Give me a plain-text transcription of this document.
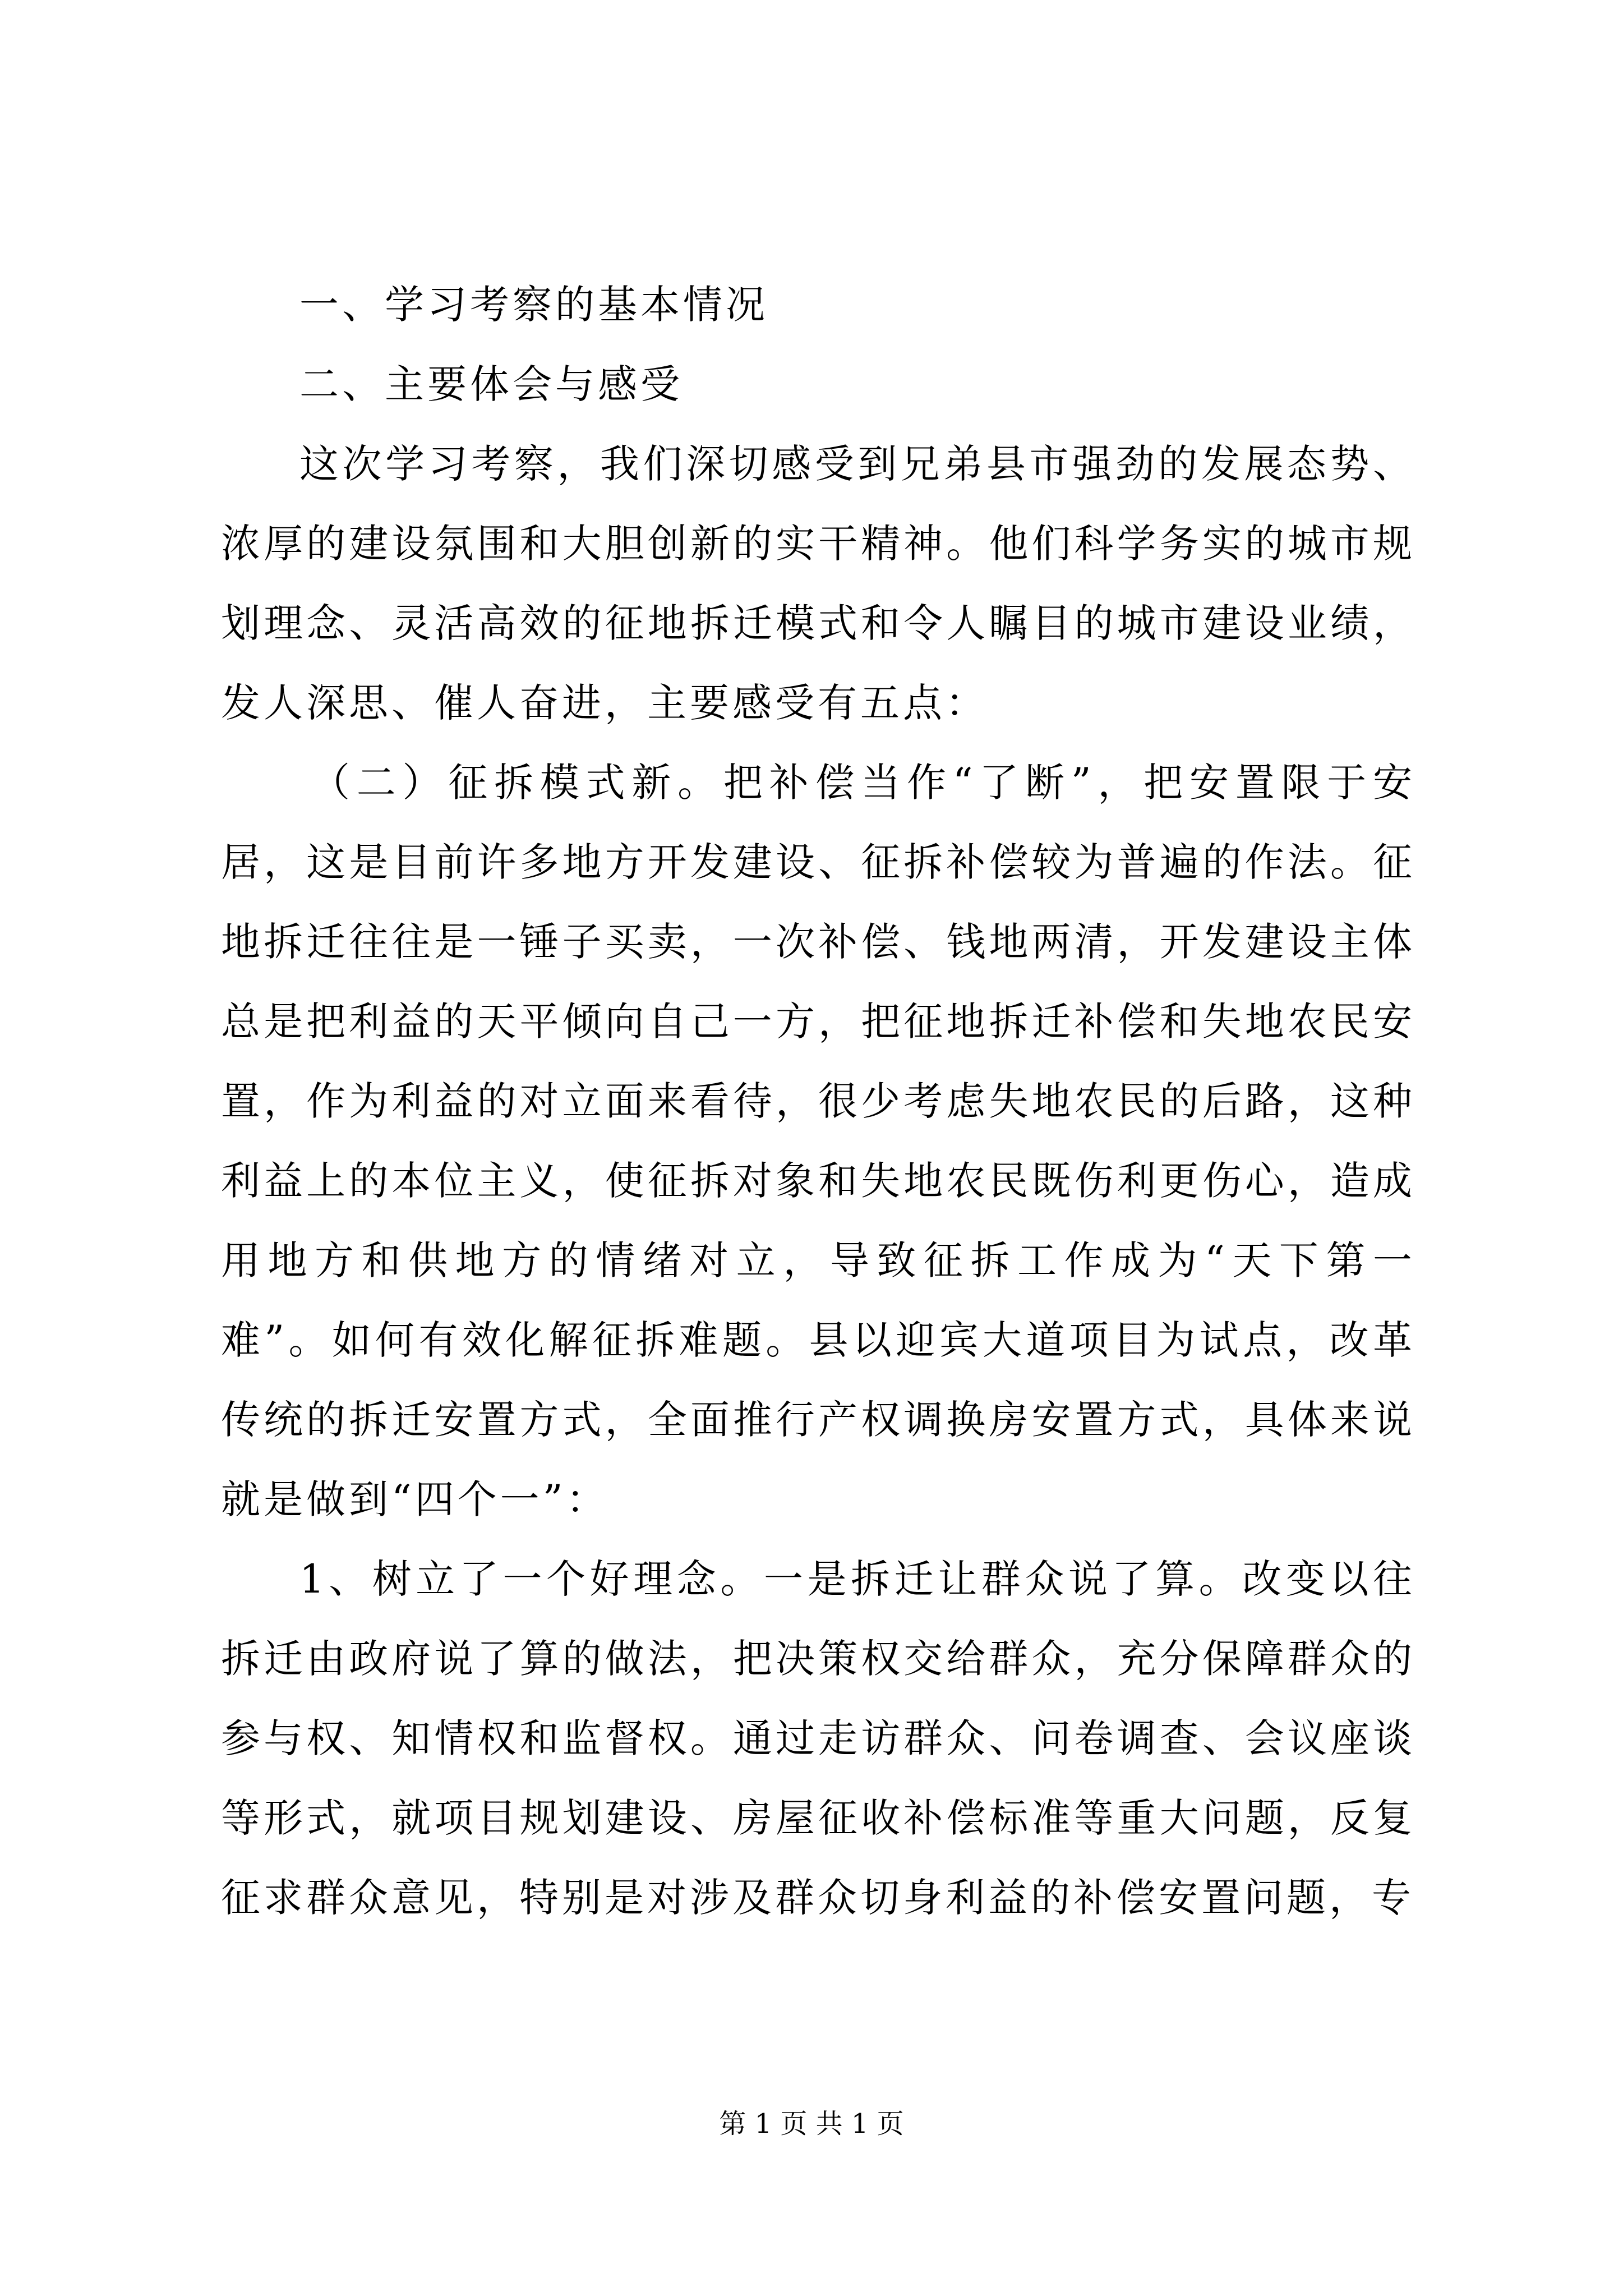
一、学习考察的基本情况

二、主要体会与感受

这次学习考察，我们深切感受到兄弟县市强劲的发展态势、浓厚的建设氛围和大胆创新的实干精神。他们科学务实的城市规划理念、灵活高效的征地拆迁模式和令人瞩目的城市建设业绩，发人深思、催人奋进，主要感受有五点：

（二）征拆模式新。把补偿当作“了断”，把安置限于安居，这是目前许多地方开发建设、征拆补偿较为普遍的作法。征地拆迁往往是一锤子买卖，一次补偿、钱地两清，开发建设主体总是把利益的天平倾向自己一方，把征地拆迁补偿和失地农民安置，作为利益的对立面来看待，很少考虑失地农民的后路，这种利益上的本位主义，使征拆对象和失地农民既伤利更伤心，造成用地方和供地方的情绪对立，导致征拆工作成为“天下第一难”。如何有效化解征拆难题。县以迎宾大道项目为试点，改革传统的拆迁安置方式，全面推行产权调换房安置方式，具体来说就是做到“四个一”：

1、树立了一个好理念。一是拆迁让群众说了算。改变以往拆迁由政府说了算的做法，把决策权交给群众，充分保障群众的参与权、知情权和监督权。通过走访群众、问卷调查、会议座谈等形式，就项目规划建设、房屋征收补偿标准等重大问题，反复征求群众意见，特别是对涉及群众切身利益的补偿安置问题，专

第 1 页 共 1 页
